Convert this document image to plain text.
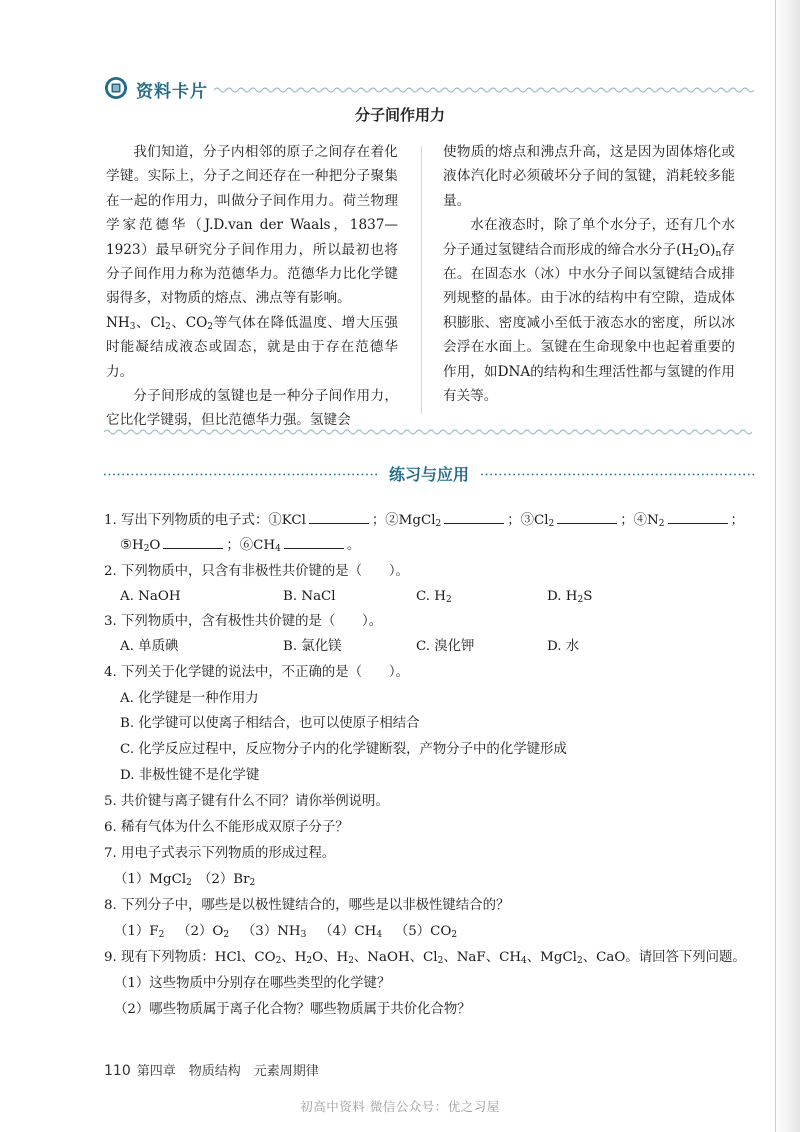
资料卡片
分子间作用力

我们知道，分子内相邻的原子之间存在着化学键。实际上，分子之间还存在一种把分子聚集在一起的作用力，叫做分子间作用力。荷兰物理学家范德华（J.D.van der Waals，1837—1923）最早研究分子间作用力，所以最初也将分子间作用力称为范德华力。范德华力比化学键弱得多，对物质的熔点、沸点等有影响。

$NH_3$、$Cl_2$、$CO_2$等气体在降低温度、增大压强时能凝结成液态或固态，就是由于存在范德华力。

分子间形成的氢键也是一种分子间作用力，它比化学键弱，但比范德华力强。氢键会

使物质的熔点和沸点升高，这是因为固体熔化或液体汽化时必须破坏分子间的氢键，消耗较多能量。

水在液态时，除了单个水分子，还有几个水分子通过氢键结合而形成的缔合水分子$(H_2O)_n$存在。在固态水（冰）中水分子间以氢键结合成排列规整的晶体。由于冰的结构中有空隙，造成体积膨胀、密度减小至低于液态水的密度，所以冰会浮在水面上。氢键在生命现象中也起着重要的作用，如DNA的结构和生理活性都与氢键的作用有关等。

练习与应用
1. 写出下列物质的电子式：①KCl	；②MgCl$_2$	；$③Cl_2$	；$④N_2$	；
$⑤H_2O$	；$⑥CH_4$	。
2. 下列物质中，只含有非极性共价键的是（　　）。
A. NaOH	B. NaCl	C. $H_2$	D. $H_2S$
3. 下列物质中，含有极性共价键的是（　　）。
A. 单质碘	B. 氯化镁	C. 溴化钾	D. 水
4. 下列关于化学键的说法中，不正确的是（　　）。
A. 化学键是一种作用力
B. 化学键可以使离子相结合，也可以使原子相结合
C. 化学反应过程中，反应物分子内的化学键断裂，产物分子中的化学键形成
D. 非极性键不是化学键
5. 共价键与离子键有什么不同？请你举例说明。
6. 稀有气体为什么不能形成双原子分子？
7. 用电子式表示下列物质的形成过程。
（1）MgCl$_2$ $(2)Br_2$
8. 下列分子中，哪些是以极性键结合的，哪些是以非极性键结合的？
$(1)F_2$ $(2)O_2$ $(3)NH_3$ $(4)CH_4$ $(5)CO_2$
9. 现有下列物质：HCl、$CO_2$、$H_2O$、$H_2$、NaOH、$Cl_2$、NaF、$CH_4$、MgCl$_2$、CaO。请回答下列问题。
（1）这些物质中分别存在哪些类型的化学键？
（2）哪些物质属于离子化合物？哪些物质属于共价化合物？
110 第四章　物质结构　元素周期律
初高中资料 微信公众号：优之习屋
